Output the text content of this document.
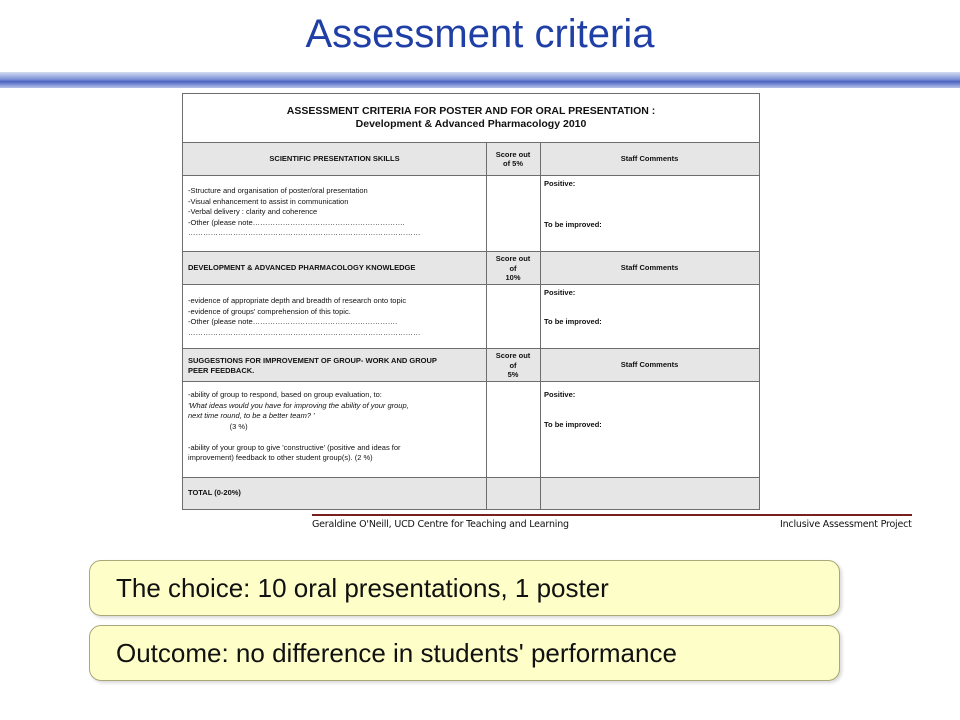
Assessment criteria
ASSESSMENT CRITERIA FOR POSTER AND FOR ORAL PRESENTATION :
Development & Advanced Pharmacology 2010
SCIENTIFIC PRESENTATION SKILLS	Score out
of 5%
Staff Comments
-Structure and organisation of poster/oral presentation
-Visual enhancement to assist in communication
-Verbal delivery : clarity and coherence
-Other (please note…………………………………………………….
…………………………………………………………………………………
Positive:
To be improved:
DEVELOPMENT & ADVANCED PHARMACOLOGY KNOWLEDGE
Score out
of
10%
Staff Comments
-evidence of appropriate depth and breadth of research onto topic
-evidence of groups' comprehension of this topic.
-Other (please note………………………………………………….
…………………………………………………………………………………
Positive:
To be improved:
SUGGESTIONS FOR IMPROVEMENT OF GROUP- WORK AND GROUP
PEER FEEDBACK.
Score out
of
5%
Staff Comments
-ability of group to respond, based on group evaluation, to:
'What ideas would you have for improving the ability of your group,
next time round, to be a better team? '
(3 %)
-ability of your group to give 'constructive' (positive and ideas for
improvement) feedback to other student group(s). (2 %)
Positive:
To be improved:
TOTAL (0-20%)
Geraldine O'Neill, UCD Centre for Teaching and Learning	Inclusive Assessment Project
The choice: 10 oral presentations, 1 poster
Outcome: no difference in students' performance
